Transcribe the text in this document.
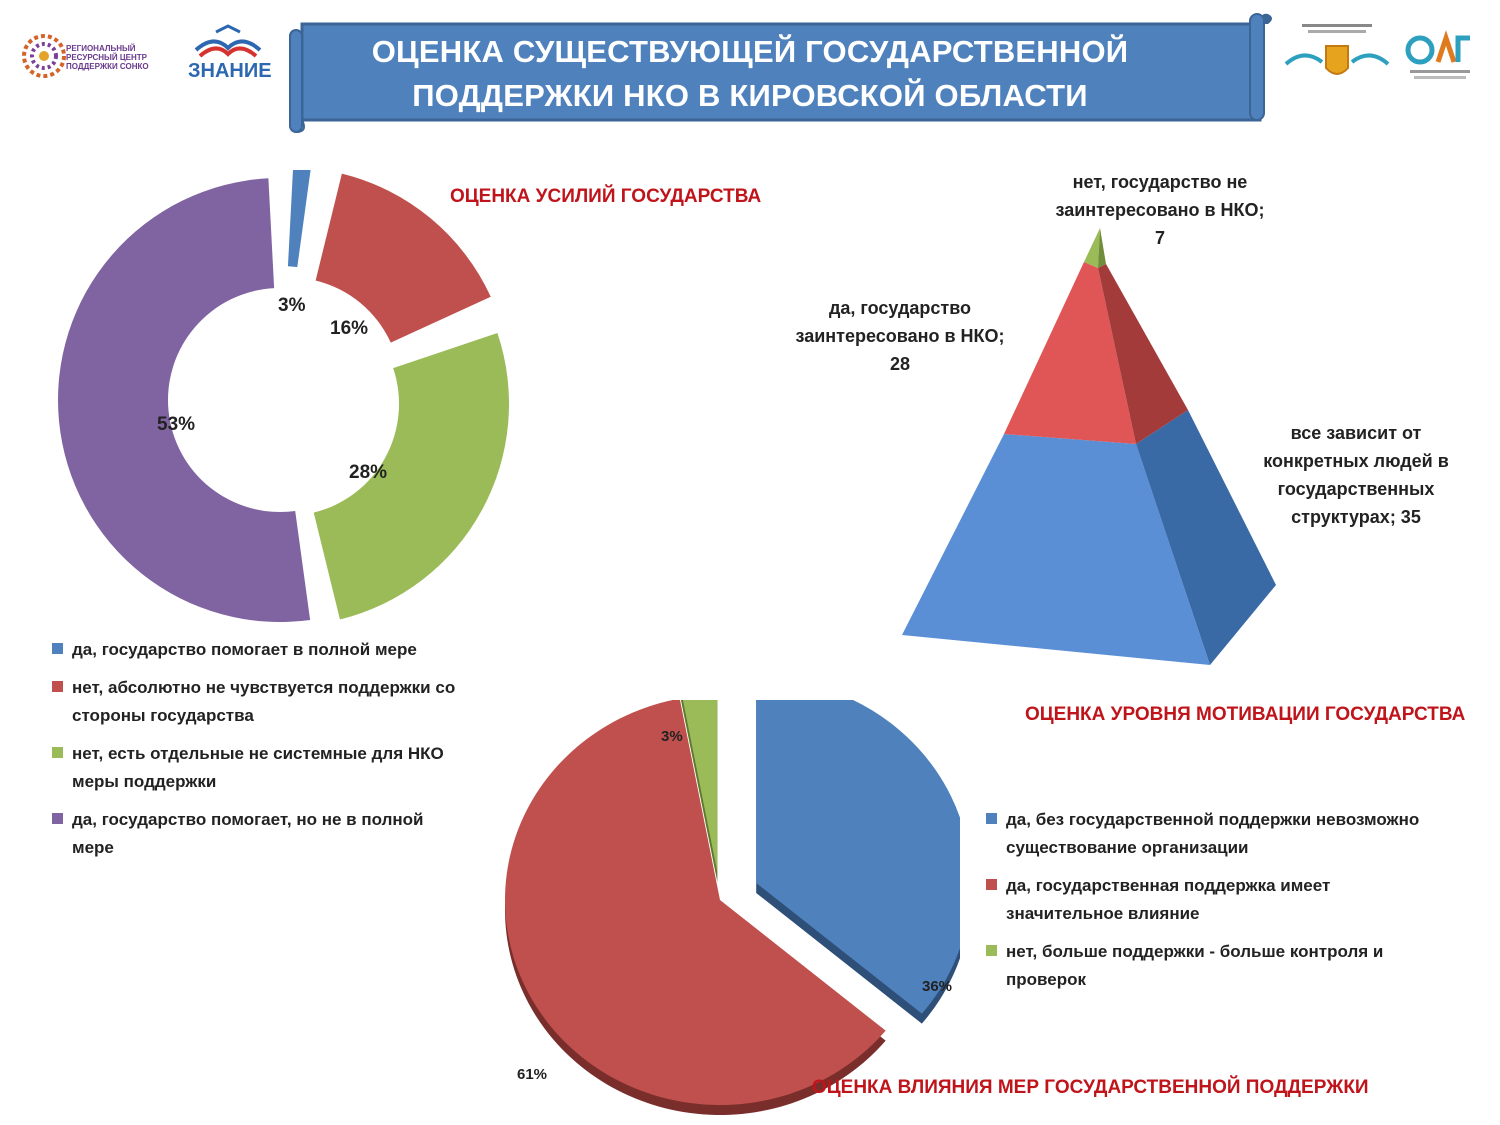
РЕГИОНАЛЬНЫЙ
РЕСУРСНЫЙ ЦЕНТР
ПОДДЕРЖКИ СОНКО ЗНАНИЕ
ОЦЕНКА СУЩЕСТВУЮЩЕЙ ГОСУДАРСТВЕННОЙ
ПОДДЕРЖКИ НКО В КИРОВСКОЙ ОБЛАСТИ
ОЦЕНКА УСИЛИЙ ГОСУДАРСТВА
3%
16%
28%
53%
да, государство помогает в полной мере
нет, абсолютно не чувствуется поддержки со стороны государства
нет, есть отдельные не системные для НКО меры поддержки
да, государство помогает, но не в полной мере
нет, государство не
заинтересовано в НКО;
7
да, государство
заинтересовано в НКО;
28
все зависит от
конкретных людей в
государственных
структурах; 35
ОЦЕНКА УРОВНЯ МОТИВАЦИИ ГОСУДАРСТВА
36%
61%
3%
да, без государственной поддержки невозможно существование организации
да, государственная поддержка имеет значительное влияние
нет, больше поддержки - больше контроля и проверок
ОЦЕНКА ВЛИЯНИЯ МЕР ГОСУДАРСТВЕННОЙ ПОДДЕРЖКИ
